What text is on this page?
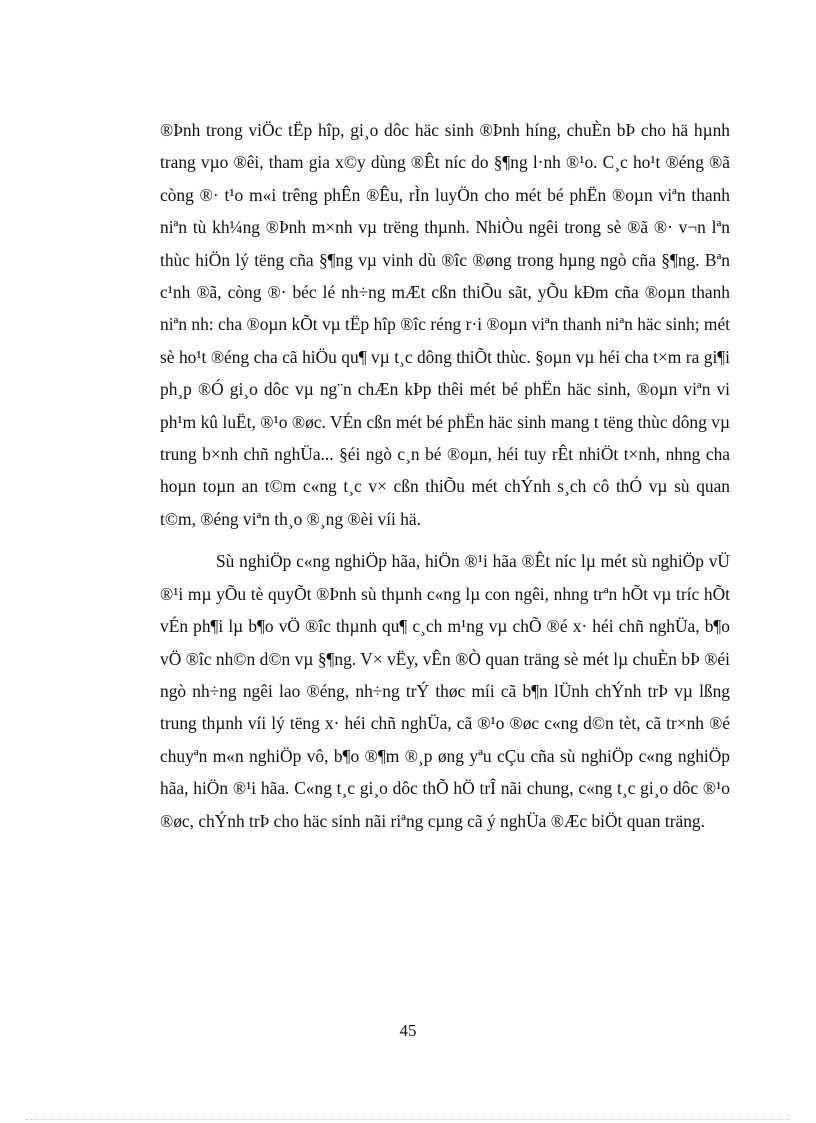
®Þnh trong viÖc tËp hîp, gi¸o dôc häc sinh ®Þnh híng, chuÈn bÞ cho hä hµnh trang vµo ®êi, tham gia x©y dùng ®Êt níc do §¶ng l·nh ®¹o. C¸c ho¹t ®éng ®ã còng ®· t¹o m«i trêng phÊn ®Êu, rÌn luyÖn cho mét bé phËn ®oµn viªn thanh niªn tù kh¼ng ®Þnh m×nh vµ trëng thµnh. NhiÒu ngêi trong sè ®ã ®· v¬n lªn thùc hiÖn lý tëng cña §¶ng vµ vinh dù ®îc ®øng trong hµng ngò cña §¶ng. Bªn c¹nh ®ã, còng ®· béc lé nh÷ng mÆt cßn thiÕu sãt, yÕu kÐm cña ®oµn thanh niªn nh: cha ®oµn kÕt vµ tËp hîp ®îc réng r·i ®oµn viªn thanh niªn häc sinh; mét sè ho¹t ®éng cha cã hiÖu qu¶ vµ t¸c dông thiÕt thùc. §oµn vµ héi cha t×m ra gi¶i ph¸p ®Ó gi¸o dôc vµ ng¨n chÆn kÞp thêi mét bé phËn häc sinh, ®oµn viªn vi ph¹m kû luËt, ®¹o ®øc. VÉn cßn mét bé phËn häc sinh mang t tëng thùc dông vµ trung b×nh chñ nghÜa... §éi ngò c¸n bé ®oµn, héi tuy rÊt nhiÖt t×nh, nhng cha hoµn toµn an t©m c«ng t¸c v× cßn thiÕu mét chÝnh s¸ch cô thÓ vµ sù quan t©m, ®éng viªn th¸o ®¸ng ®èi víi hä.

Sù nghiÖp c«ng nghiÖp hãa, hiÖn ®¹i hãa ®Êt níc lµ mét sù nghiÖp vÜ ®¹i mµ yÕu tè quyÕt ®Þnh sù thµnh c«ng lµ con ngêi, nhng trªn hÕt vµ tríc hÕt vÉn ph¶i lµ b¶o vÖ ®îc thµnh qu¶ c¸ch m¹ng vµ chÕ ®é x· héi chñ nghÜa, b¶o vÖ ®îc nh©n d©n vµ §¶ng. V× vËy, vÊn ®Ò quan träng sè mét lµ chuÈn bÞ ®éi ngò nh÷ng ngêi lao ®éng, nh÷ng trÝ thøc míi cã b¶n lÜnh chÝnh trÞ vµ lßng trung thµnh víi lý tëng x· héi chñ nghÜa, cã ®¹o ®øc c«ng d©n tèt, cã tr×nh ®é chuyªn m«n nghiÖp vô, b¶o ®¶m ®¸p øng yªu cÇu cña sù nghiÖp c«ng nghiÖp hãa, hiÖn ®¹i hãa. C«ng t¸c gi¸o dôc thÕ hÖ trÎ nãi chung, c«ng t¸c gi¸o dôc ®¹o ®øc, chÝnh trÞ cho häc sinh nãi riªng cµng cã ý nghÜa ®Æc biÖt quan träng.

45
